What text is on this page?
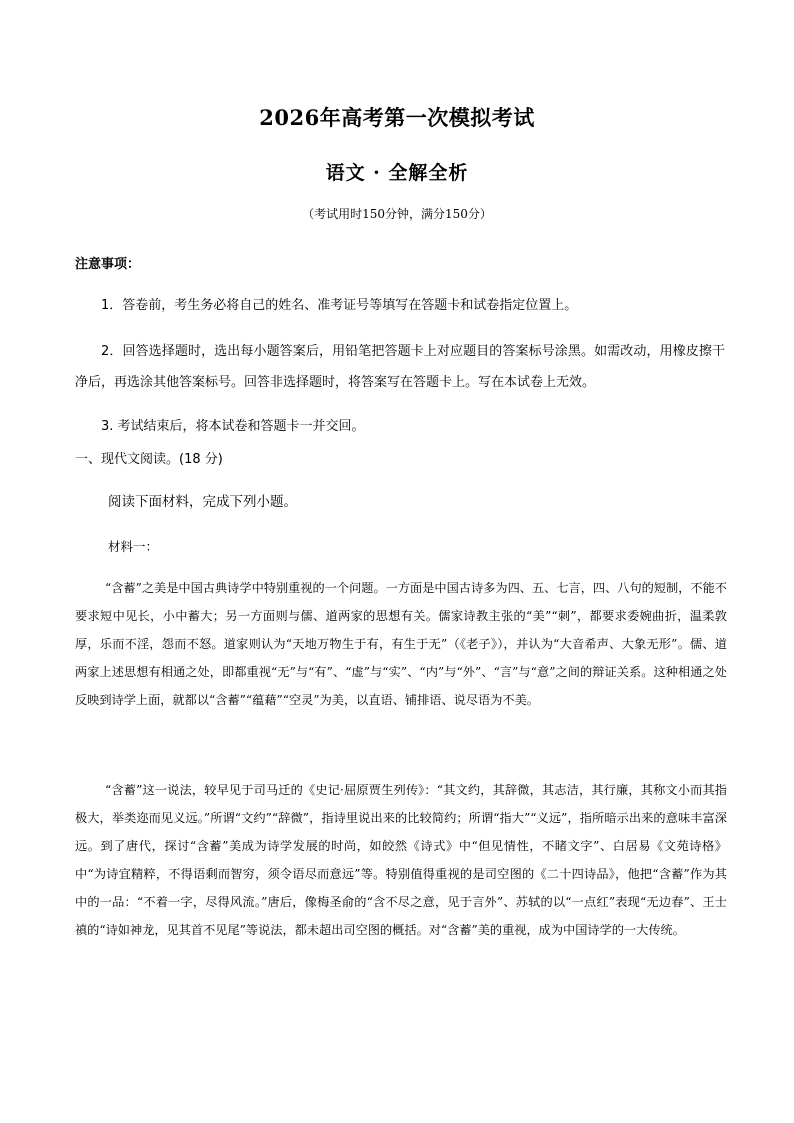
2026年高考第一次模拟考试
语文 · 全解全析
（考试用时150分钟，满分150分）
注意事项：
1．答卷前，考生务必将自己的姓名、准考证号等填写在答题卡和试卷指定位置上。
2．回答选择题时，选出每小题答案后，用铅笔把答题卡上对应题目的答案标号涂黑。如需改动，用橡皮擦干净后，再选涂其他答案标号。回答非选择题时，将答案写在答题卡上。写在本试卷上无效。
3. 考试结束后，将本试卷和答题卡一并交回。
一、现代文阅读。(18 分)
阅读下面材料，完成下列小题。
材料一：
“含蓄”之美是中国古典诗学中特别重视的一个问题。一方面是中国古诗多为四、五、七言，四、八句的短制，不能不要求短中见长，小中蓄大；另一方面则与儒、道两家的思想有关。儒家诗教主张的“美”“刺”，都要求委婉曲折，温柔敦厚，乐而不淫，怨而不怒。道家则认为“天地万物生于有，有生于无”（《老子》），并认为“大音希声、大象无形”。儒、道两家上述思想有相通之处，即都重视“无”与“有”、“虚”与“实”、“内”与“外”、“言”与“意”之间的辩证关系。这种相通之处反映到诗学上面，就都以“含蓄”“蕴藉”“空灵”为美，以直语、铺排语、说尽语为不美。
“含蓄”这一说法，较早见于司马迁的《史记·屈原贾生列传》：“其文约，其辞微，其志洁，其行廉，其称文小而其指极大，举类迩而见义远。”所谓“文约”“辞微”，指诗里说出来的比较简约；所谓“指大”“义远”，指所暗示出来的意味丰富深远。到了唐代，探讨“含蓄”美成为诗学发展的时尚，如皎然《诗式》中“但见情性，不睹文字”、白居易《文苑诗格》中“为诗宜精粹，不得语剩而智穷，须令语尽而意远”等。特别值得重视的是司空图的《二十四诗品》，他把“含蓄”作为其中的一品：“不着一字，尽得风流。”唐后，像梅圣俞的“含不尽之意，见于言外”、苏轼的以“一点红”表现“无边春”、王士禛的“诗如神龙，见其首不见尾”等说法，都未超出司空图的概括。对“含蓄”美的重视，成为中国诗学的一大传统。
